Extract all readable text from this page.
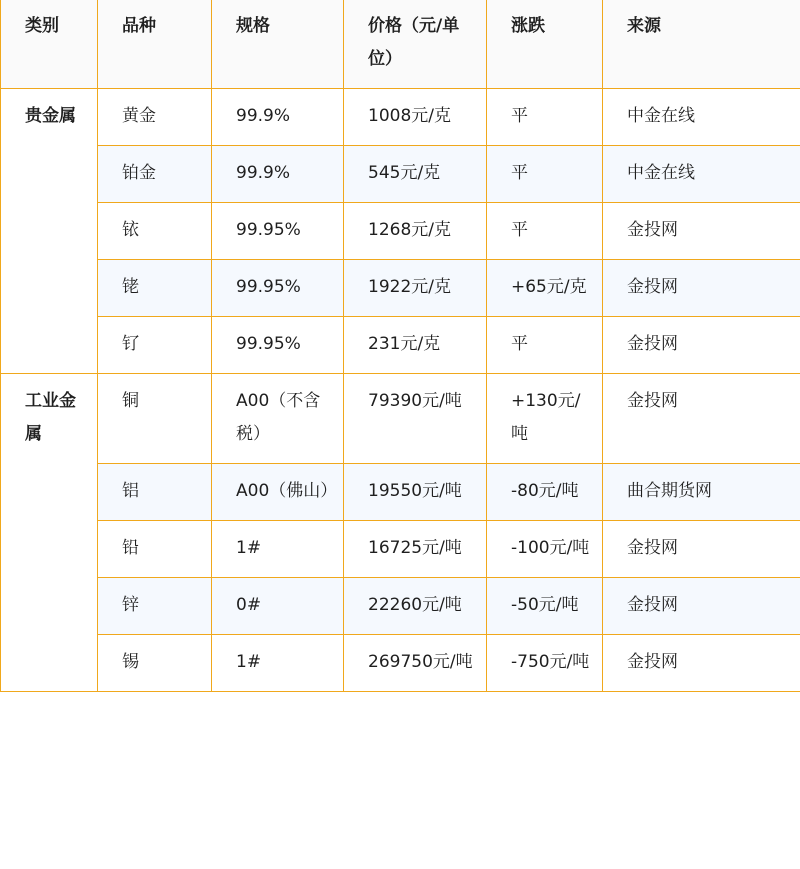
类别	品种	规格	价格（元/单位）	涨跌	来源

贵金属	黄金	99.9%	1008元/克	平	中金在线
	铂金	99.9%	545元/克	平	中金在线
	铱	99.95%	1268元/克	平	金投网
	铑	99.95%	1922元/克	+65元/克	金投网
	钌	99.95%	231元/克	平	金投网

工业金属	铜	A00（不含税）	79390元/吨	+130元/吨	金投网
	铝	A00（佛山）	19550元/吨	-80元/吨	曲合期货网
	铅	1#	16725元/吨	-100元/吨	金投网
	锌	0#	22260元/吨	-50元/吨	金投网
	锡	1#	269750元/吨	-750元/吨	金投网
